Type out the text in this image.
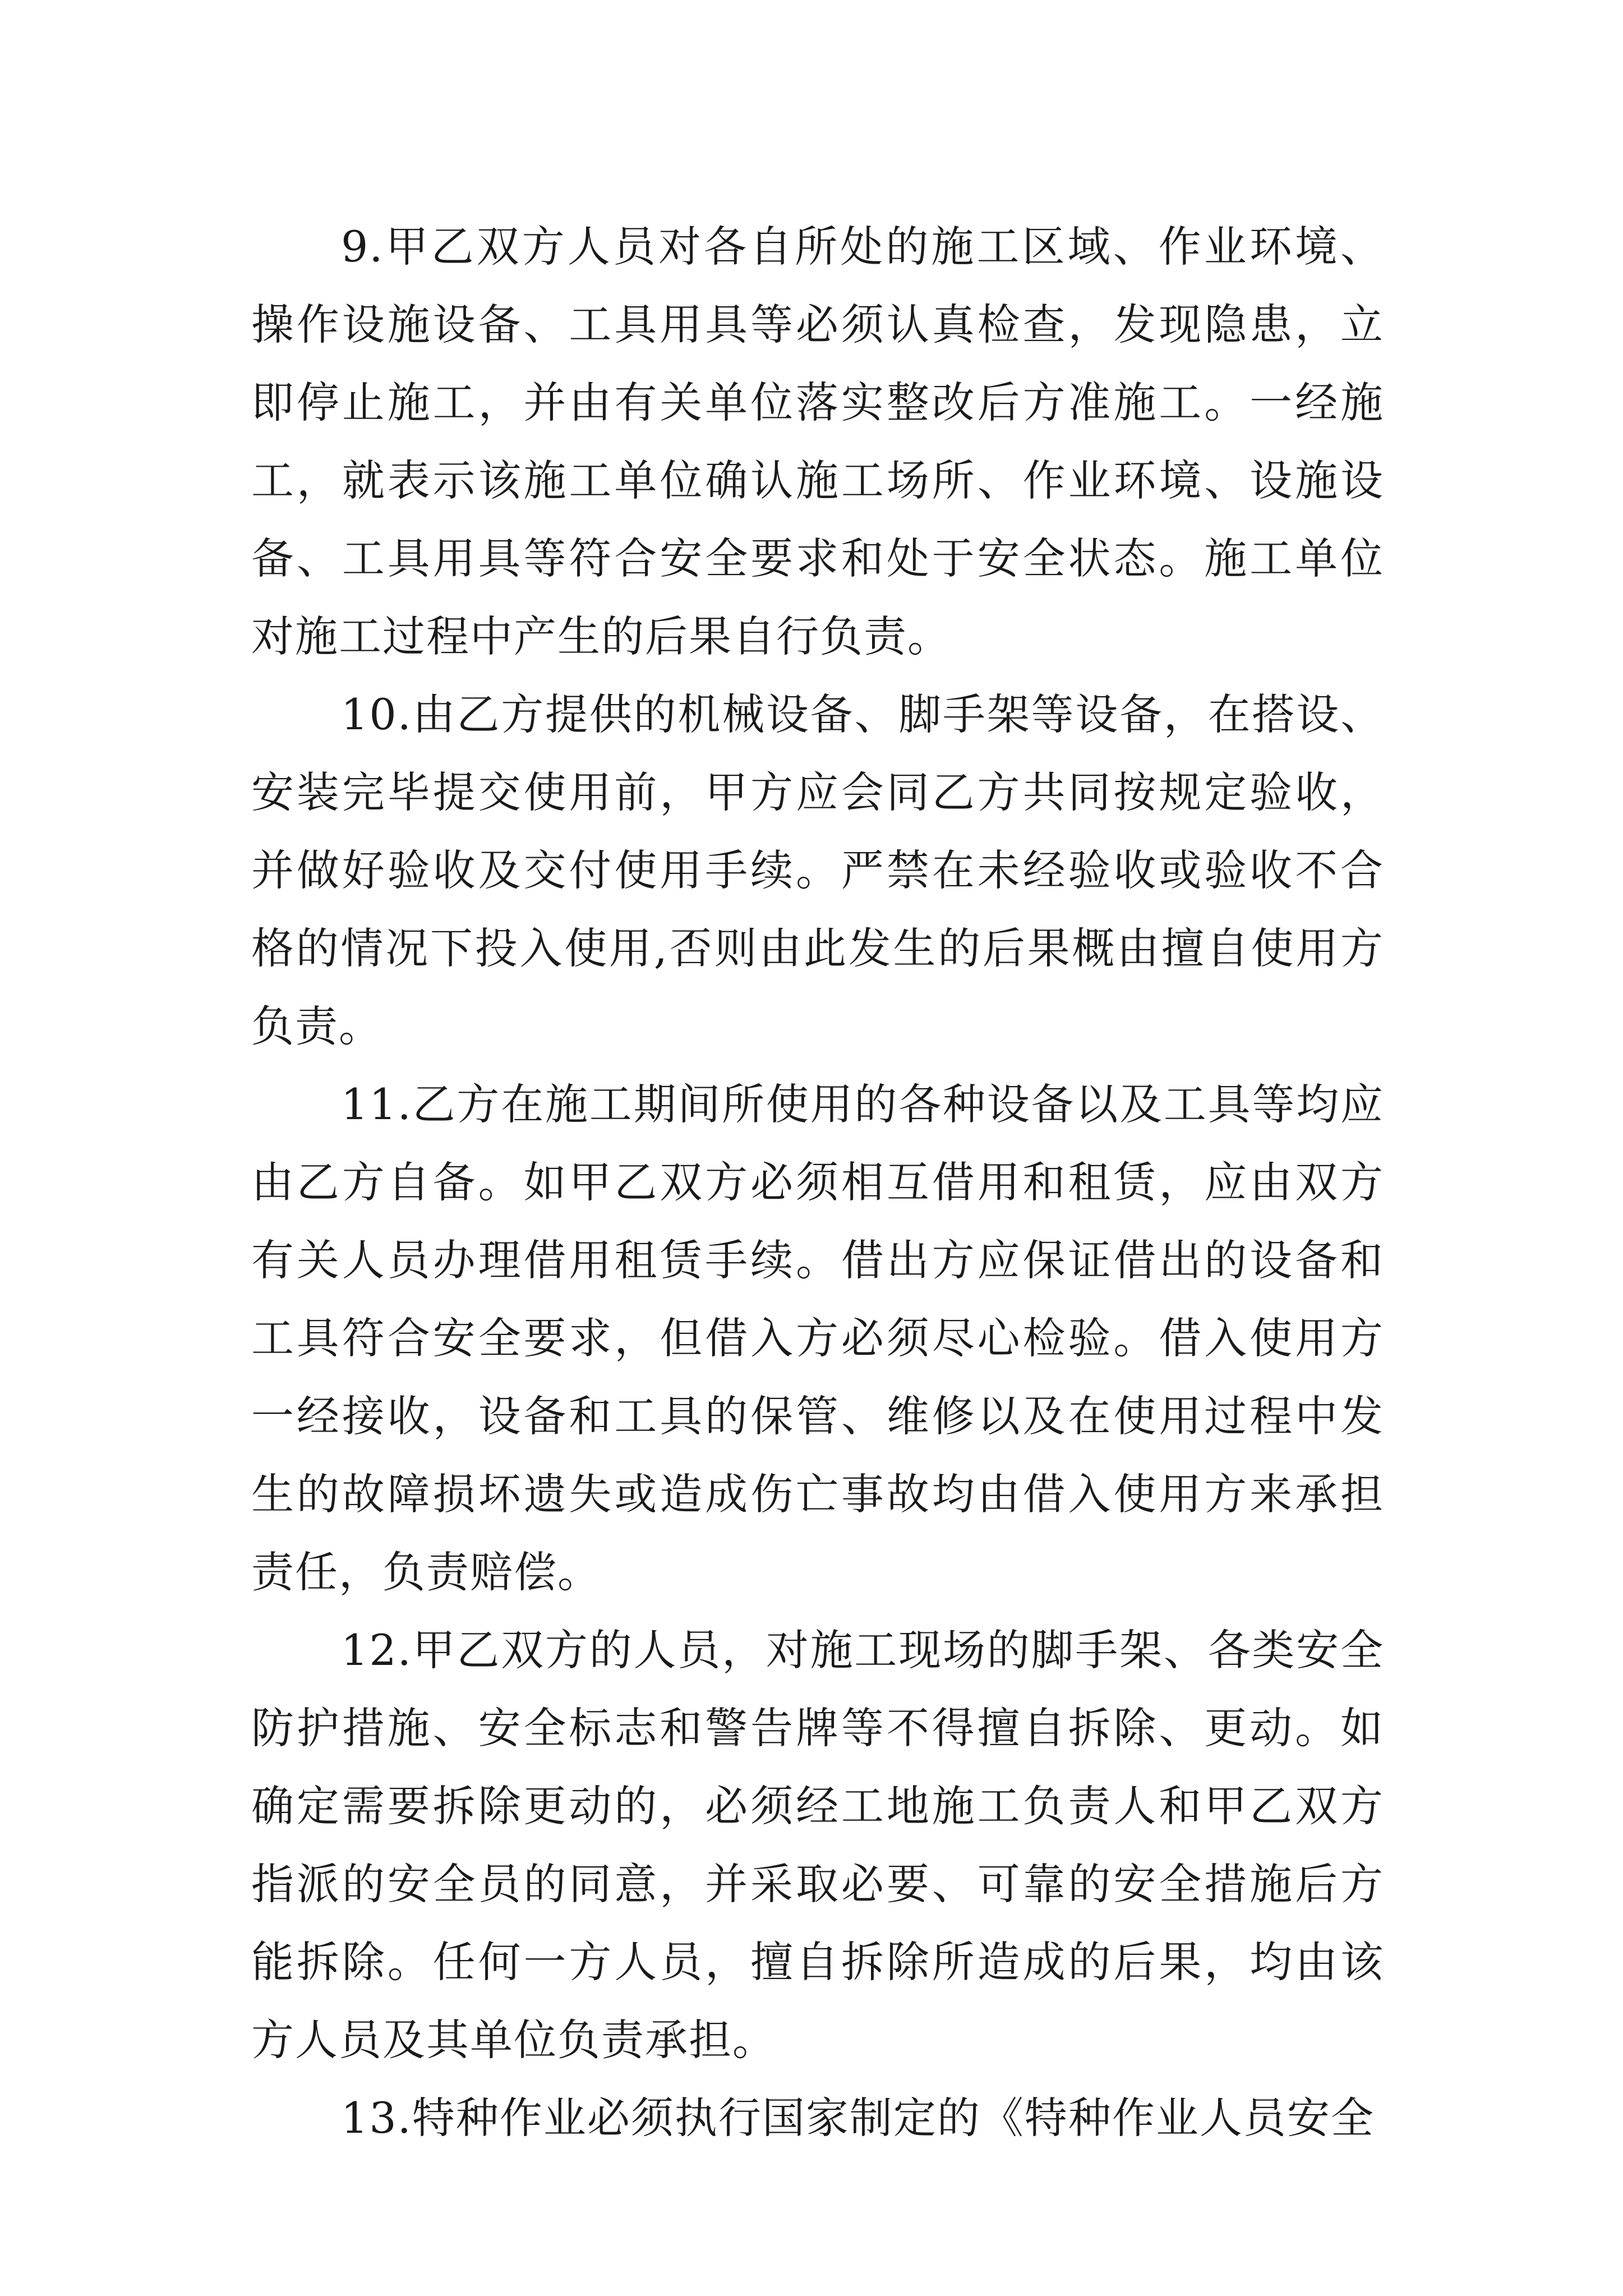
9.甲乙双方人员对各自所处的施工区域、作业环境、操作设施设备、工具用具等必须认真检查，发现隐患，立即停止施工，并由有关单位落实整改后方准施工。一经施工，就表示该施工单位确认施工场所、作业环境、设施设备、工具用具等符合安全要求和处于安全状态。施工单位对施工过程中产生的后果自行负责。

10.由乙方提供的机械设备、脚手架等设备，在搭设、安装完毕提交使用前，甲方应会同乙方共同按规定验收，并做好验收及交付使用手续。严禁在未经验收或验收不合格的情况下投入使用,否则由此发生的后果概由擅自使用方负责。

11.乙方在施工期间所使用的各种设备以及工具等均应由乙方自备。如甲乙双方必须相互借用和租赁，应由双方有关人员办理借用租赁手续。借出方应保证借出的设备和工具符合安全要求，但借入方必须尽心检验。借入使用方一经接收，设备和工具的保管、维修以及在使用过程中发生的故障损坏遗失或造成伤亡事故均由借入使用方来承担责任，负责赔偿。

12.甲乙双方的人员，对施工现场的脚手架、各类安全防护措施、安全标志和警告牌等不得擅自拆除、更动。如确定需要拆除更动的，必须经工地施工负责人和甲乙双方指派的安全员的同意，并采取必要、可靠的安全措施后方能拆除。任何一方人员，擅自拆除所造成的后果，均由该方人员及其单位负责承担。

13.特种作业必须执行国家制定的《特种作业人员安全
